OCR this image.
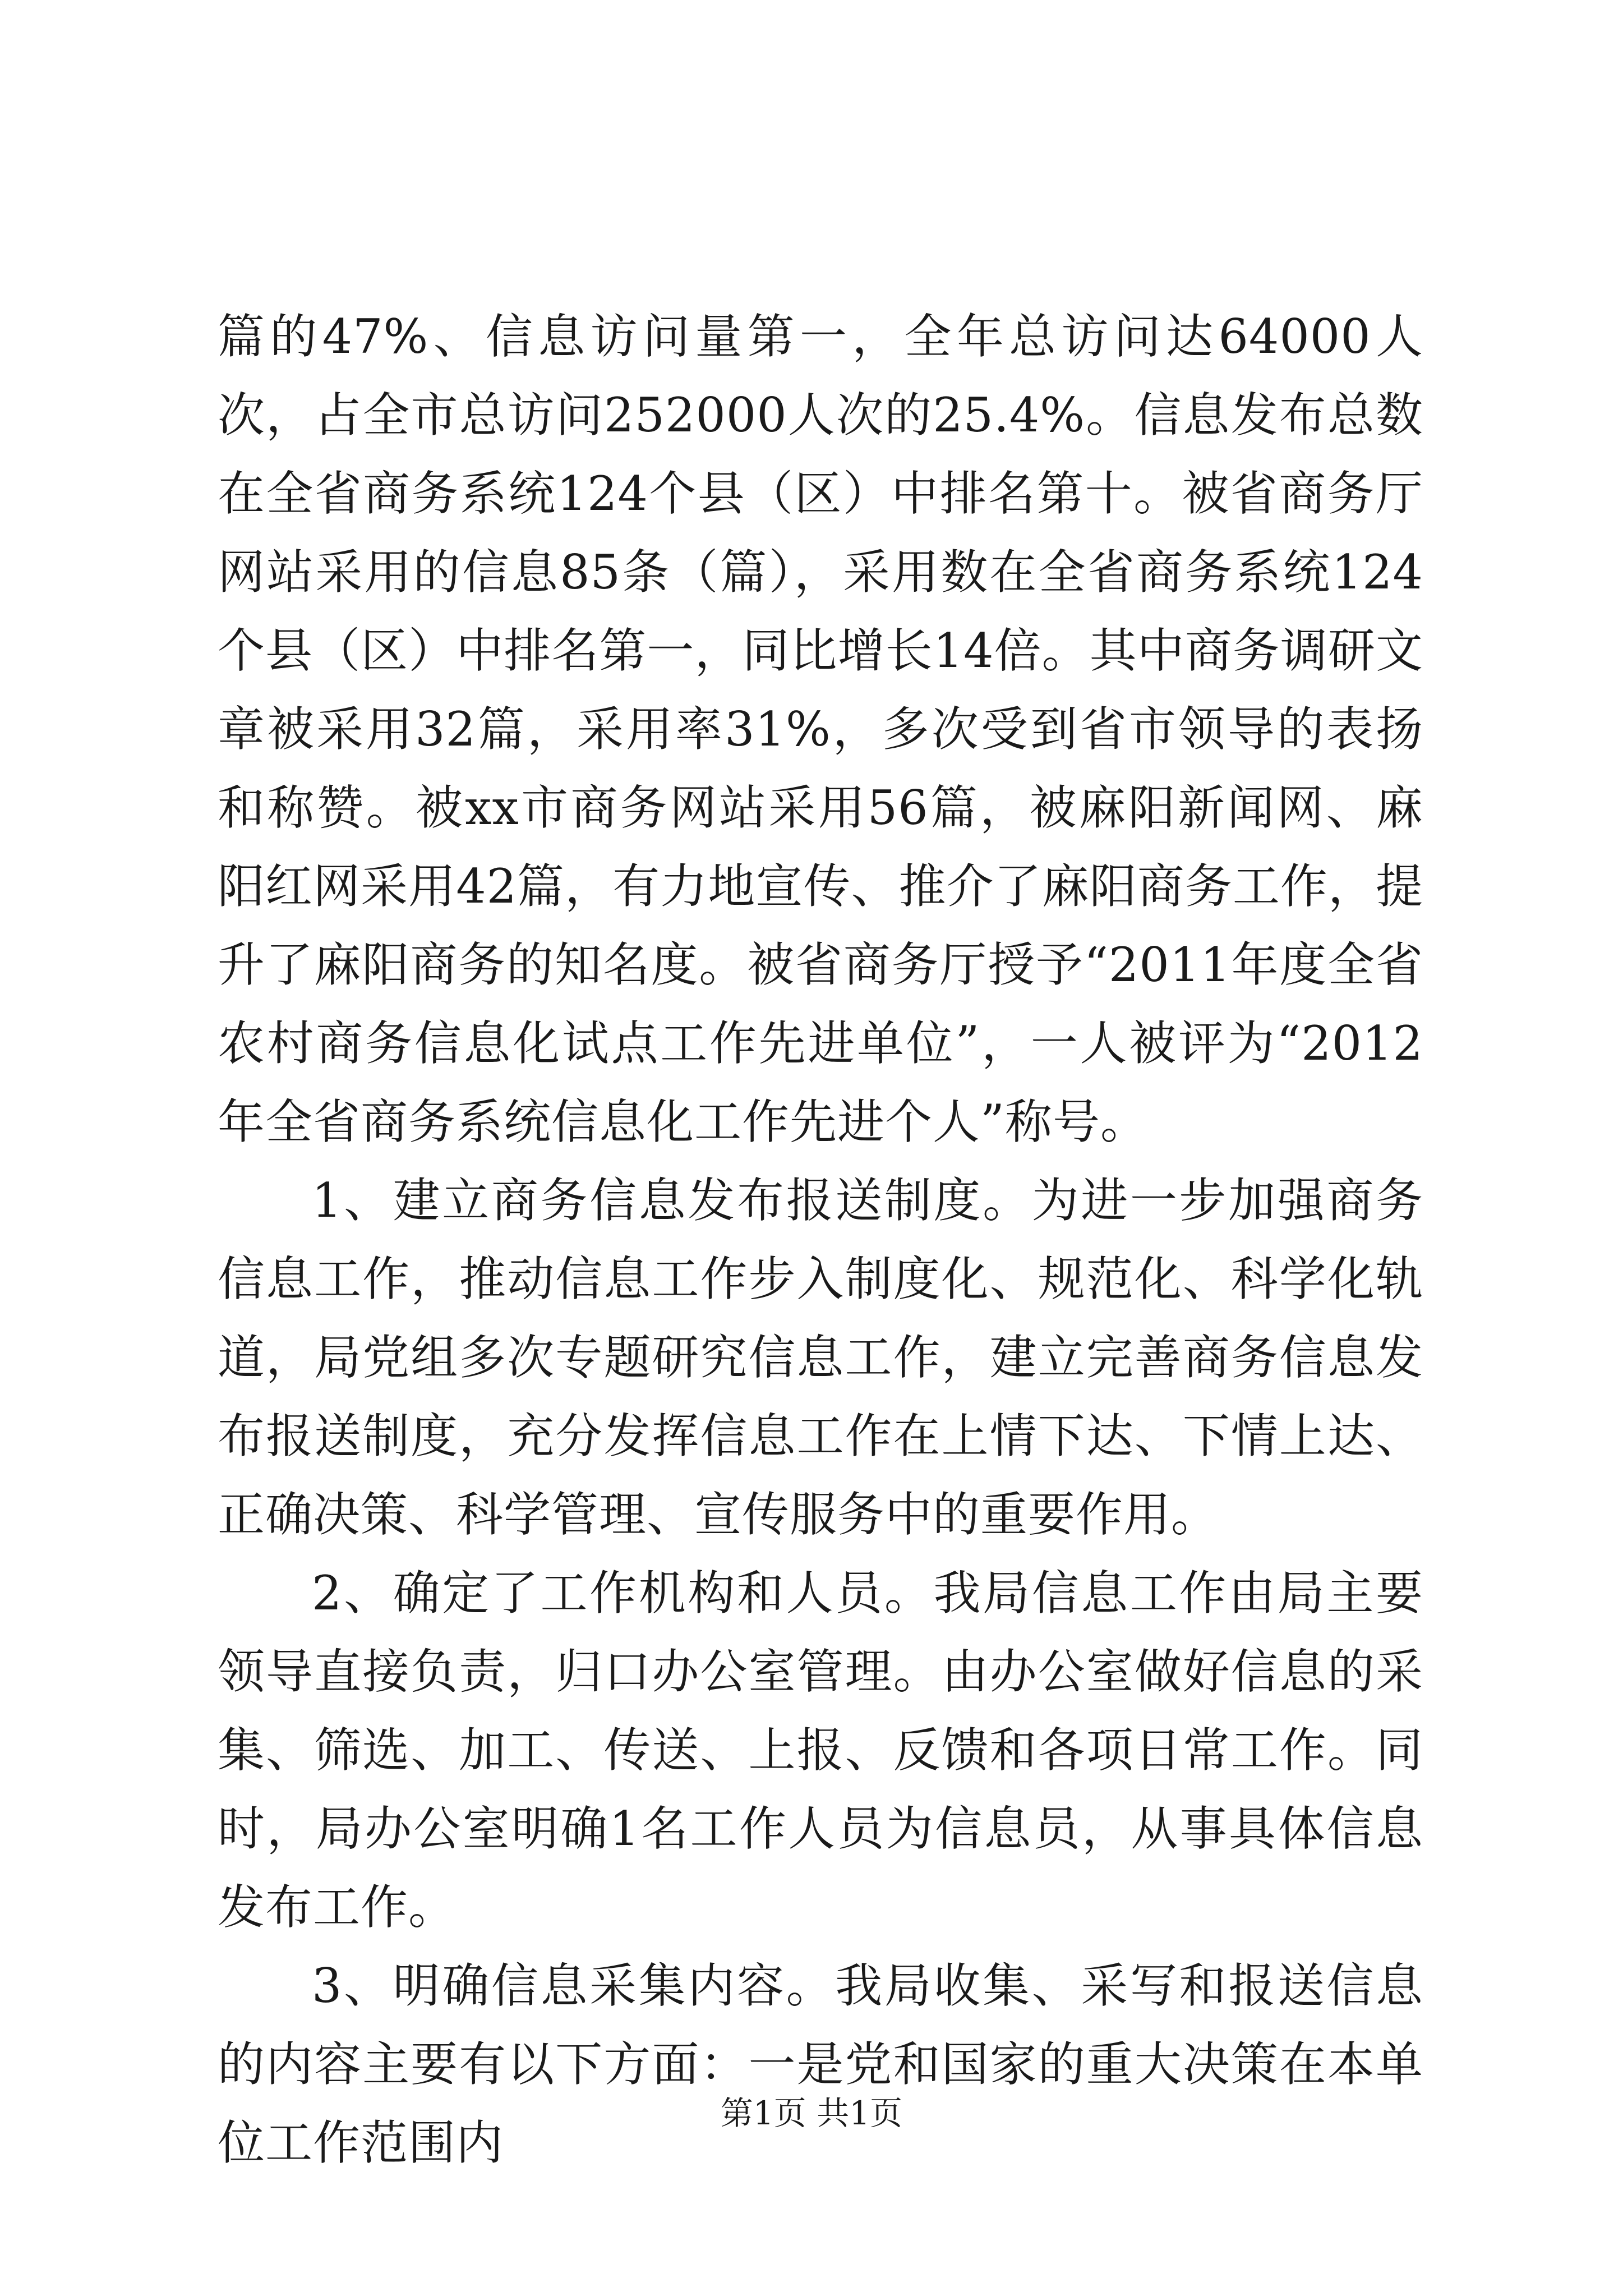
篇的47%、信息访问量第一，全年总访问达64000人次，占全市总访问252000人次的25.4%。信息发布总数在全省商务系统124个县（区）中排名第十。被省商务厅网站采用的信息85条（篇），采用数在全省商务系统124个县（区）中排名第一，同比增长14倍。其中商务调研文章被采用32篇，采用率31%，多次受到省市领导的表扬和称赞。被xx市商务网站采用56篇，被麻阳新闻网、麻阳红网采用42篇，有力地宣传、推介了麻阳商务工作，提升了麻阳商务的知名度。被省商务厅授予“2011年度全省农村商务信息化试点工作先进单位”，一人被评为“2012年全省商务系统信息化工作先进个人”称号。

1、建立商务信息发布报送制度。为进一步加强商务信息工作，推动信息工作步入制度化、规范化、科学化轨道，局党组多次专题研究信息工作，建立完善商务信息发布报送制度，充分发挥信息工作在上情下达、下情上达、正确决策、科学管理、宣传服务中的重要作用。

2、确定了工作机构和人员。我局信息工作由局主要领导直接负责，归口办公室管理。由办公室做好信息的采集、筛选、加工、传送、上报、反馈和各项日常工作。同时，局办公室明确1名工作人员为信息员，从事具体信息发布工作。

3、明确信息采集内容。我局收集、采写和报送信息的内容主要有以下方面：一是党和国家的重大决策在本单位工作范围内

第1页 共1页
